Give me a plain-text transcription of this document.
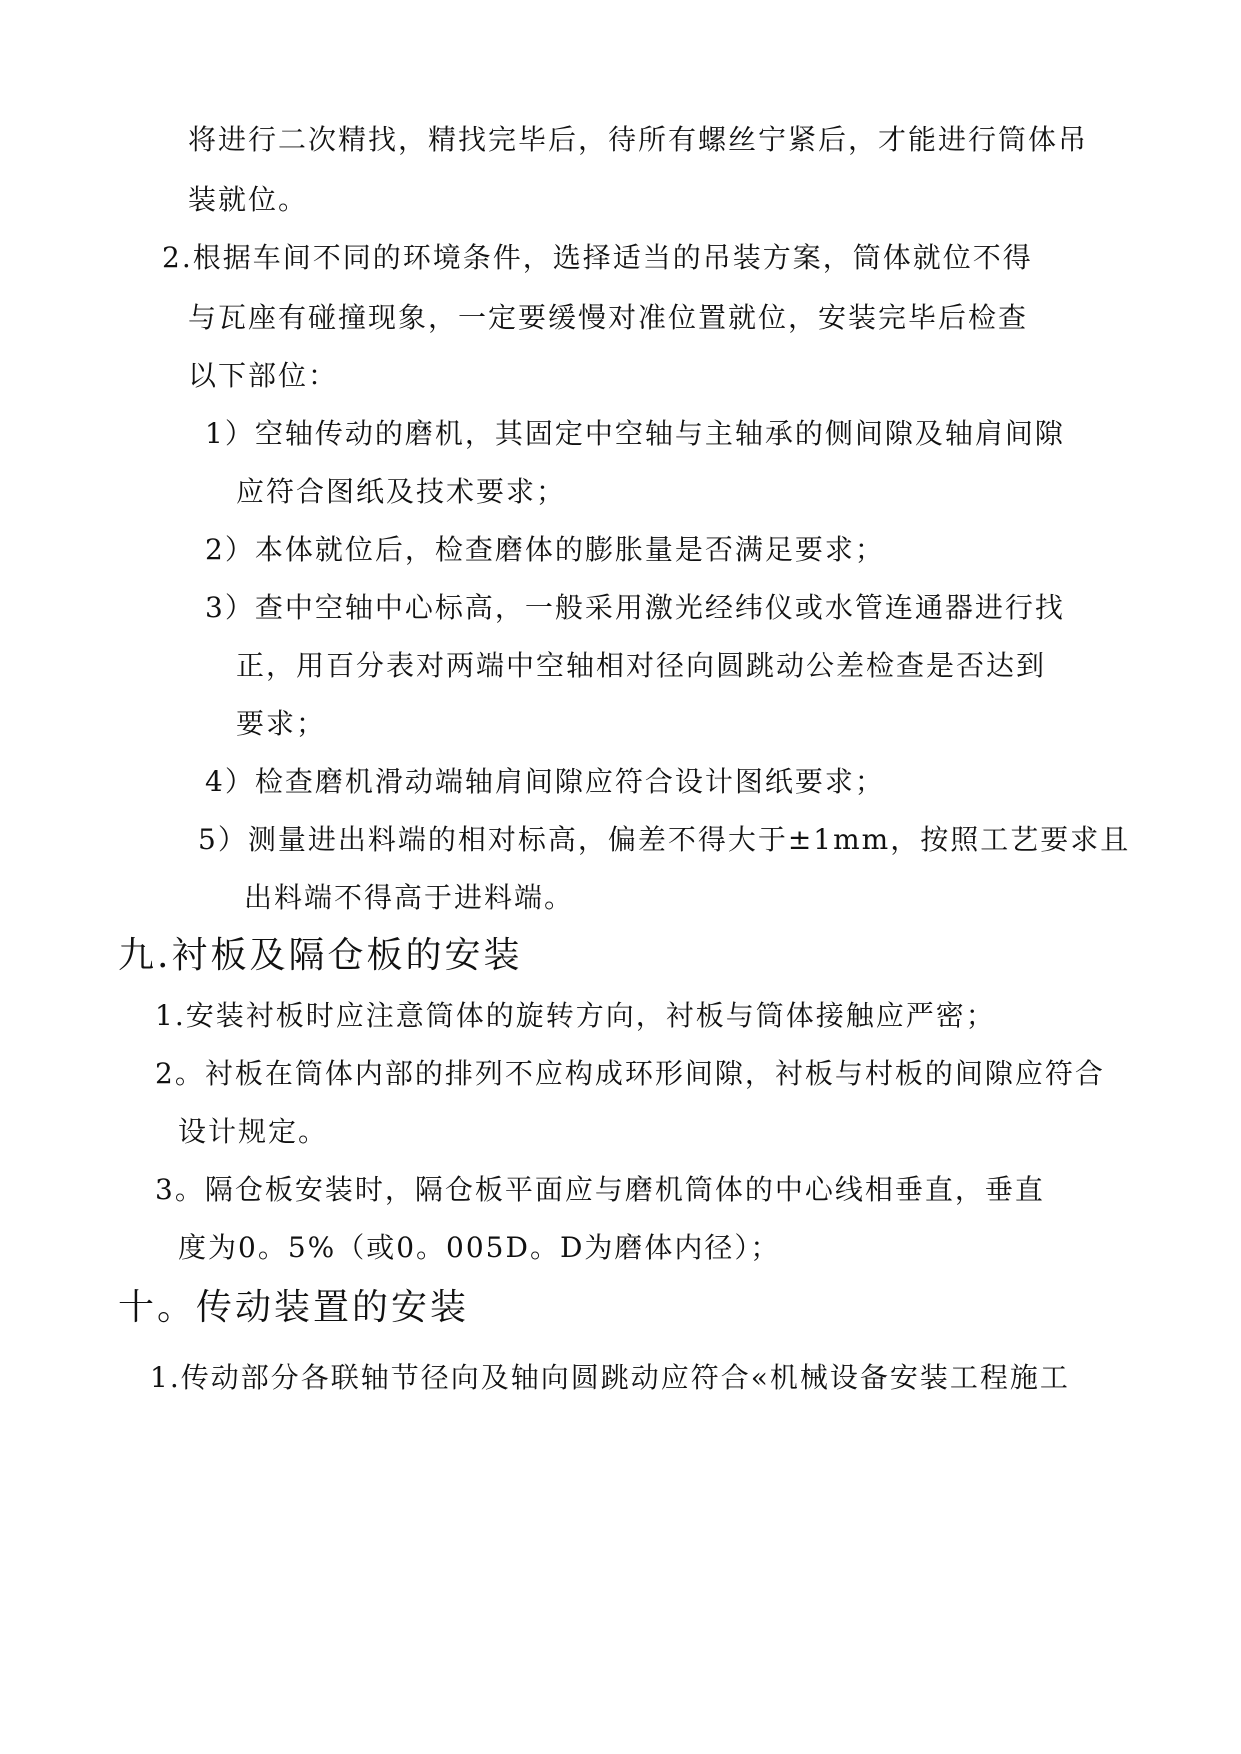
将进行二次精找，精找完毕后，待所有螺丝宁紧后，才能进行筒体吊
装就位。
2.根据车间不同的环境条件，选择适当的吊装方案，筒体就位不得
与瓦座有碰撞现象，一定要缓慢对准位置就位，安装完毕后检查
以下部位：
1）空轴传动的磨机，其固定中空轴与主轴承的侧间隙及轴肩间隙
应符合图纸及技术要求；
2）本体就位后，检查磨体的膨胀量是否满足要求；
3）查中空轴中心标高，一般采用激光经纬仪或水管连通器进行找
正，用百分表对两端中空轴相对径向圆跳动公差检查是否达到
要求；
4）检查磨机滑动端轴肩间隙应符合设计图纸要求；
5）测量进出料端的相对标高，偏差不得大于±1mm，按照工艺要求且
出料端不得高于进料端。
九.衬板及隔仓板的安装
1.安装衬板时应注意筒体的旋转方向，衬板与筒体接触应严密；
2。衬板在筒体内部的排列不应构成环形间隙，衬板与村板的间隙应符合
设计规定。
3。隔仓板安装时，隔仓板平面应与磨机筒体的中心线相垂直，垂直
度为0。5%（或0。005D。D为磨体内径）；
十。传动装置的安装
1.传动部分各联轴节径向及轴向圆跳动应符合«机械设备安装工程施工
